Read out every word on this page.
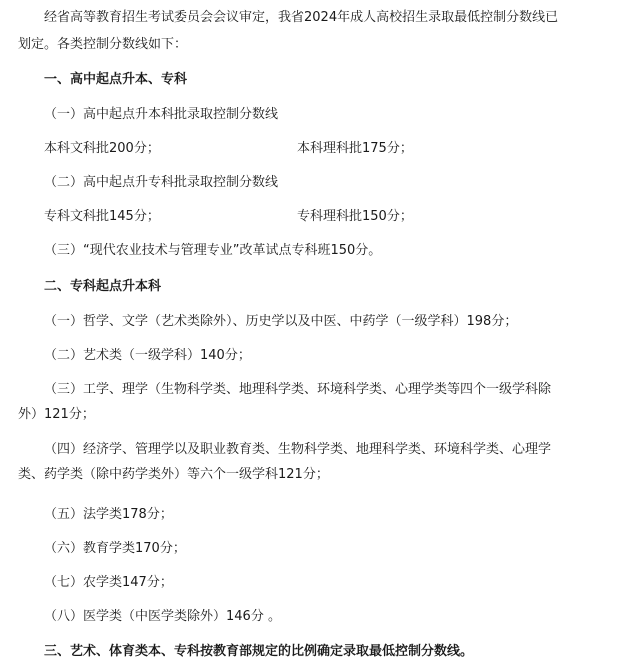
经省高等教育招生考试委员会会议审定，我省2024年成人高校招生录取最低控制分数线已
划定。各类控制分数线如下：
一、高中起点升本、专科
（一）高中起点升本科批录取控制分数线
本科文科批200分；	本科理科批175分；
（二）高中起点升专科批录取控制分数线
专科文科批145分；	专科理科批150分；
（三）“现代农业技术与管理专业”改革试点专科班150分。
二、专科起点升本科
（一）哲学、文学（艺术类除外）、历史学以及中医、中药学（一级学科）198分；
（二）艺术类（一级学科）140分；
（三）工学、理学（生物科学类、地理科学类、环境科学类、心理学类等四个一级学科除
外）121分；
（四）经济学、管理学以及职业教育类、生物科学类、地理科学类、环境科学类、心理学
类、药学类（除中药学类外）等六个一级学科121分；
（五）法学类178分；
（六）教育学类170分；
（七）农学类147分；
（八）医学类（中医学类除外）146分 。
三、艺术、体育类本、专科按教育部规定的比例确定录取最低控制分数线。
